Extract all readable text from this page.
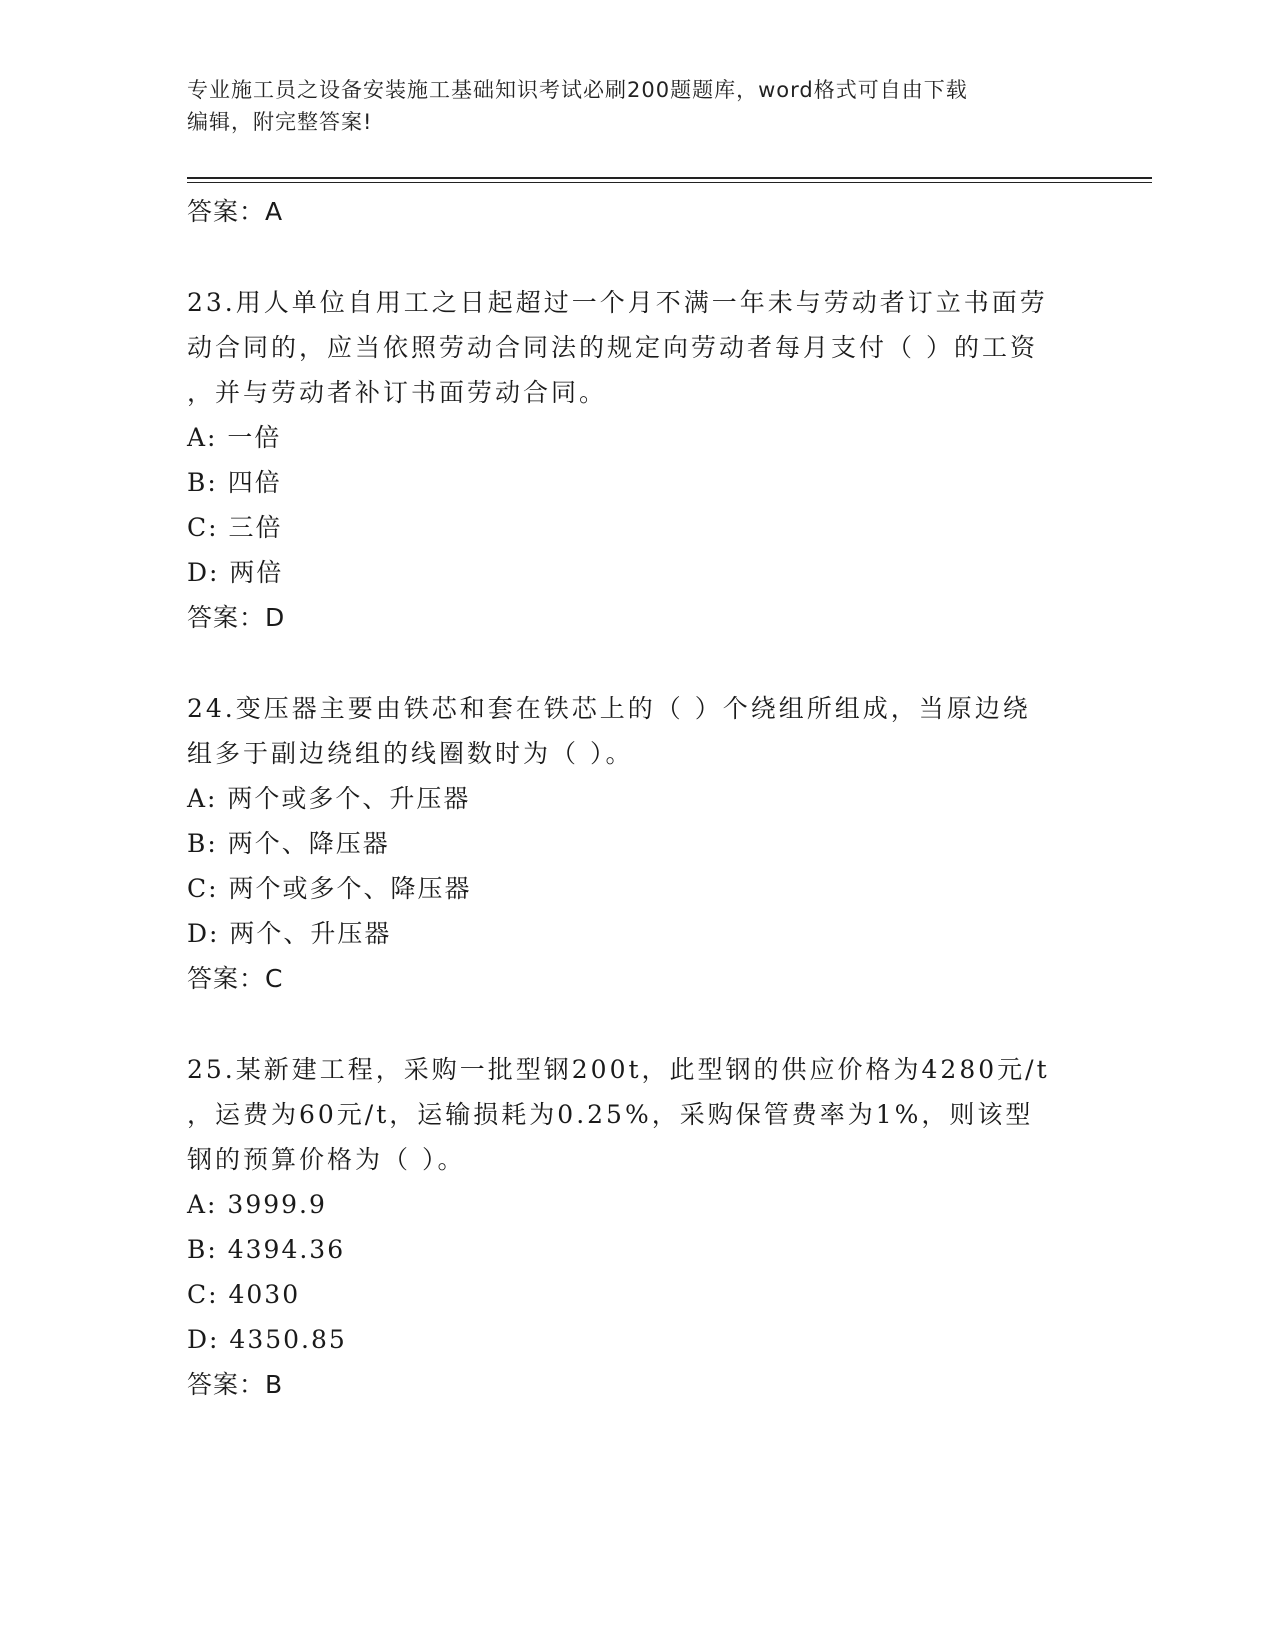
专业施工员之设备安装施工基础知识考试必刷200题题库，word格式可自由下载
编辑，附完整答案!
答案：A
23.用人单位自用工之日起超过一个月不满一年未与劳动者订立书面劳
动合同的，应当依照劳动合同法的规定向劳动者每月支付（ ）的工资
，并与劳动者补订书面劳动合同。
A: 一倍
B: 四倍
C: 三倍
D: 两倍
答案：D
24.变压器主要由铁芯和套在铁芯上的（ ）个绕组所组成，当原边绕
组多于副边绕组的线圈数时为（ ）。
A: 两个或多个、升压器
B: 两个、降压器
C: 两个或多个、降压器
D: 两个、升压器
答案：C
25.某新建工程，采购一批型钢200t，此型钢的供应价格为4280元/t
，运费为60元/t，运输损耗为0.25%，采购保管费率为1%，则该型
钢的预算价格为（ ）。
A: 3999.9
B: 4394.36
C: 4030
D: 4350.85
答案：B
